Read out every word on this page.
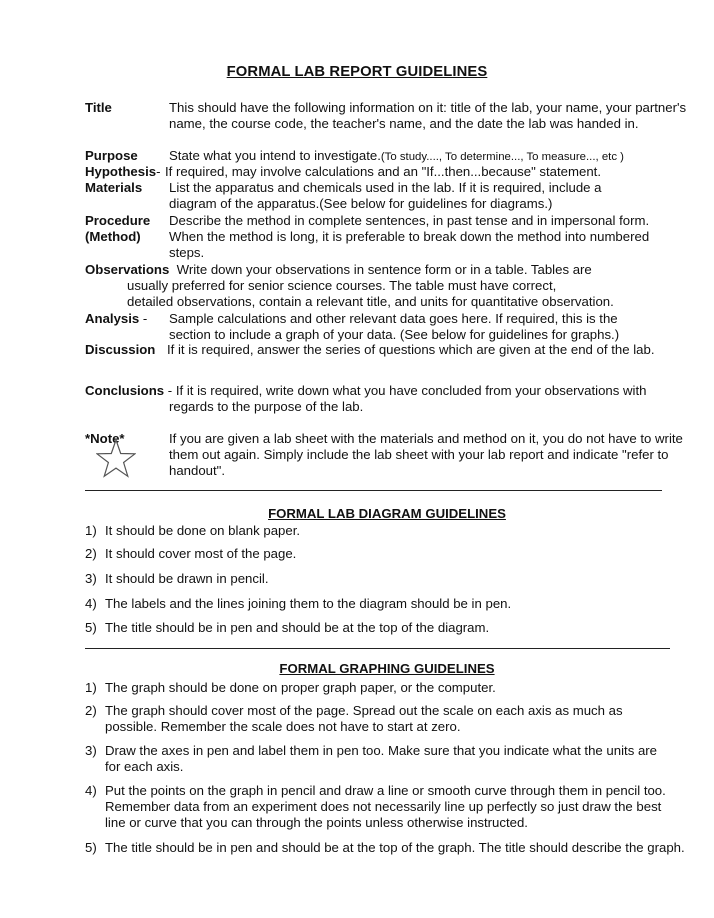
FORMAL LAB REPORT GUIDELINES
Title	This should have the following information on it: title of the lab, your name, your partner's name, the course code, the teacher's name, and the date the lab was handed in.
Purpose State what you intend to investigate.(To study...., To determine..., To measure..., etc )
Hypothesis- If required, may involve calculations and an "If...then...because" statement.
Materials List the apparatus and chemicals used in the lab. If it is required, include a diagram of the apparatus.(See below for guidelines for diagrams.)
Procedure
(Method)
Describe the method in complete sentences, in past tense and in impersonal form. When the method is long, it is preferable to break down the method into numbered steps.
Observations Write down your observations in sentence form or in a table. Tables are
usually preferred for senior science courses. The table must have correct,
detailed observations, contain a relevant title, and units for quantitative observation.
Analysis - Sample calculations and other relevant data goes here. If required, this is the section to include a graph of your data. (See below for guidelines for graphs.)
Discussion If it is required, answer the series of questions which are given at the end of the lab.
Conclusions - If it is required, write down what you have concluded from your observations with
regards to the purpose of the lab.
*Note*	If you are given a lab sheet with the materials and method on it, you do not have to write them out again. Simply include the lab sheet with your lab report and indicate "refer to handout".
FORMAL LAB DIAGRAM GUIDELINES
1) It should be done on blank paper.
2) It should cover most of the page.
3) It should be drawn in pencil.
4) The labels and the lines joining them to the diagram should be in pen.
5) The title should be in pen and should be at the top of the diagram.
FORMAL GRAPHING GUIDELINES
1) The graph should be done on proper graph paper, or the computer.
2) The graph should cover most of the page. Spread out the scale on each axis as much as possible. Remember the scale does not have to start at zero.
3) Draw the axes in pen and label them in pen too. Make sure that you indicate what the units are for each axis.
4) Put the points on the graph in pencil and draw a line or smooth curve through them in pencil too. Remember data from an experiment does not necessarily line up perfectly so just draw the best line or curve that you can through the points unless otherwise instructed.
5) The title should be in pen and should be at the top of the graph. The title should describe the graph.
